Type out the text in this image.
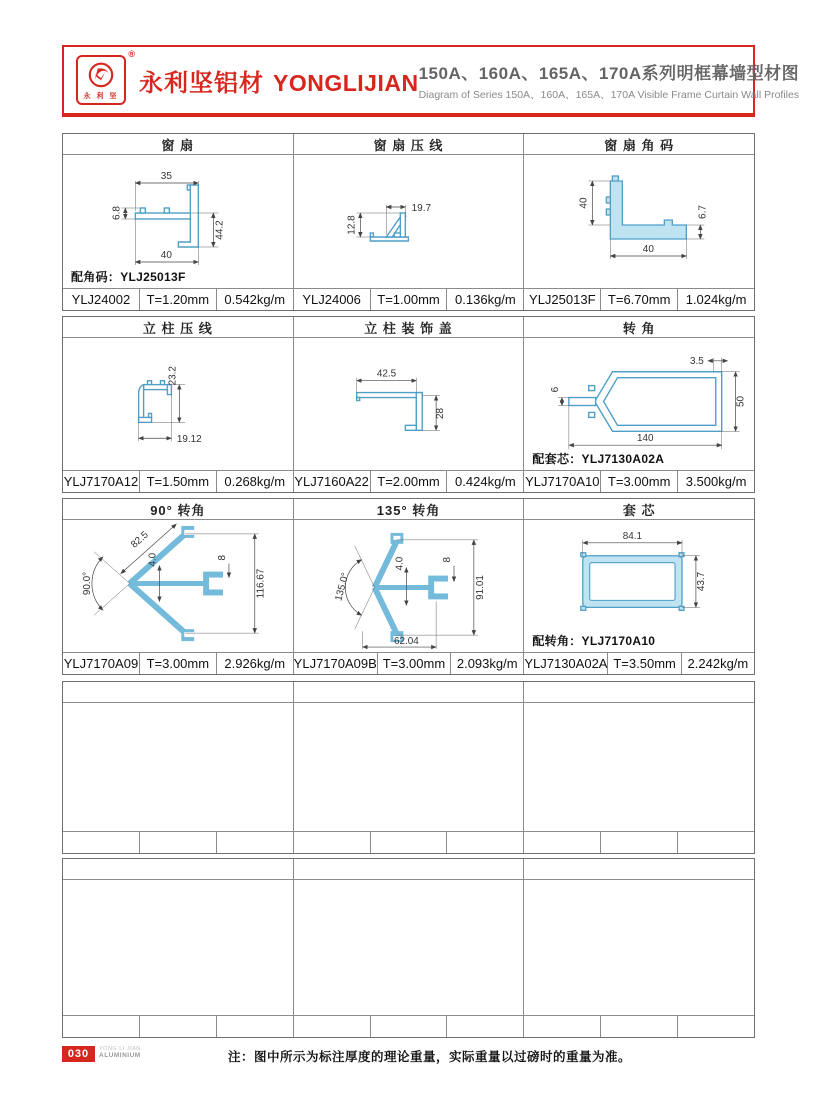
®
永 利 坚 永利坚铝材 YONGLIJIAN 150A、160A、165A、170A系列明框幕墙型材图
Diagram of Series 150A、160A、165A、170A Visible Frame Curtain Wall Profiles
窗 扇
35
6.8
44.2
40
配角码：YLJ25013F
YLJ24002	T=1.20mm	0.542kg/m
窗 扇 压 线
12.8
19.7
YLJ24006	T=1.00mm	0.136kg/m
窗 扇 角 码
40
6.7
40
YLJ25013F T=6.70mm	1.024kg/m
立 柱 压 线
23.2
19.12
YLJ7170A12 T=1.50mm	0.268kg/m
立 柱 装 饰 盖
42.5
28
YLJ7160A22 T=2.00mm	0.424kg/m
转 角
3.5
6
50
140
配套芯：YLJ7130A02A
YLJ7170A10 T=3.00mm	3.500kg/m
90° 转角
90.0°
82.5
4.0	8
116.67
YLJ7170A09 T=3.00mm	2.926kg/m
135° 转角
135.0°
4.0	8
91.01
62.04
YLJ7170A09B T=3.00mm 2.093kg/m
套 芯
84.1
43.7
配转角：YLJ7170A10
YLJ7130A02A T=3.50mm 2.242kg/m
030	YONG LI JIAN
ALUMINIUM	注：图中所示为标注厚度的理论重量，实际重量以过磅时的重量为准。
